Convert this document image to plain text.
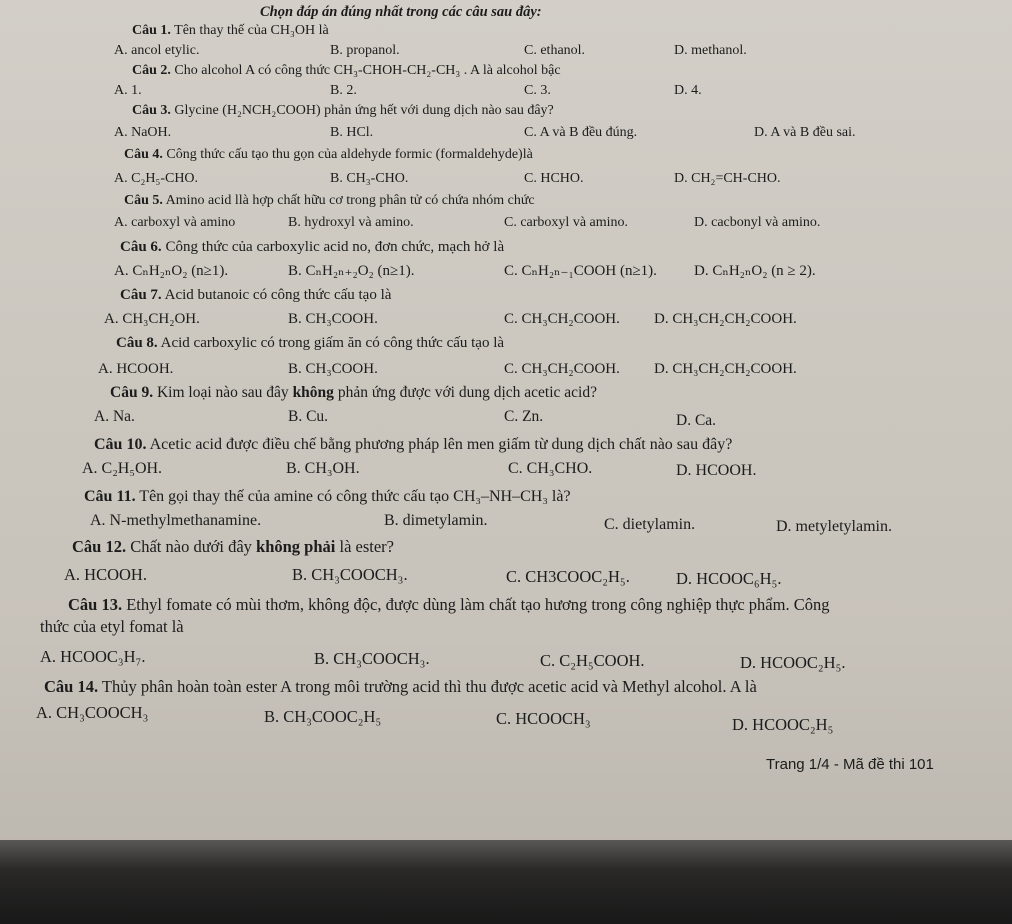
Chọn đáp án đúng nhất trong các câu sau đây:
Câu 1. Tên thay thế của CH₃OH là
A. ancol etylic.	B. propanol.	C. ethanol.	D. methanol.
Câu 2. Cho alcohol A có công thức CH₃-CHOH-CH₂-CH₃ . A là alcohol bậc
A. 1.	B. 2.	C. 3.	D. 4.
Câu 3. Glycine (H₂NCH₂COOH) phản ứng hết với dung dịch nào sau đây?
A. NaOH.	B. HCl.	C. A và B đều đúng.	D. A và B đều sai.
Câu 4. Công thức cấu tạo thu gọn của aldehyde formic (formaldehyde)là
A. C₂H₅-CHO.	B. CH₃-CHO.	C. HCHO.	D. CH₂=CH-CHO.
Câu 5. Amino acid llà hợp chất hữu cơ trong phân tử có chứa nhóm chức
A. carboxyl và amino	B. hydroxyl và amino.	C. carboxyl và amino.	D. cacbonyl và amino.
Câu 6. Công thức của carboxylic acid no, đơn chức, mạch hở là
A. CₙH₂ₙO₂ (n≥1).	B. CₙH₂ₙ₊₂O₂ (n≥1).	C. CₙH₂ₙ₋₁COOH (n≥1). D. CₙH₂ₙO₂ (n ≥ 2).
Câu 7. Acid butanoic có công thức cấu tạo là
A. CH₃CH₂OH.	B. CH₃COOH.	C. CH₃CH₂COOH. D. CH₃CH₂CH₂COOH.
Câu 8. Acid carboxylic có trong giấm ăn có công thức cấu tạo là
A. HCOOH.	B. CH₃COOH.	C. CH₃CH₂COOH. D. CH₃CH₂CH₂COOH.
Câu 9. Kim loại nào sau đây không phản ứng được với dung dịch acetic acid?
A. Na.	B. Cu.	C. Zn.	D. Ca.
Câu 10. Acetic acid được điều chế bằng phương pháp lên men giấm từ dung dịch chất nào sau đây?
A. C₂H₅OH.	B. CH₃OH.	C. CH₃CHO.	D. HCOOH.
Câu 11. Tên gọi thay thế của amine có công thức cấu tạo CH₃–NH–CH₃ là?
A. N-methylmethanamine.	B. dimetylamin.	C. dietylamin.	D. metyletylamin.
Câu 12. Chất nào dưới đây không phải là ester?
A. HCOOH.	B. CH₃COOCH₃.	C. CH3COOC₂H₅.	D. HCOOC₆H₅.
Câu 13. Ethyl fomate có mùi thơm, không độc, được dùng làm chất tạo hương trong công nghiệp thực phẩm. Công
thức của etyl fomat là
A. HCOOC₃H₇.	B. CH₃COOCH₃.	C. C₂H₅COOH.	D. HCOOC₂H₅.
Câu 14. Thủy phân hoàn toàn ester A trong môi trường acid thì thu được acetic acid và Methyl alcohol. A là
A. CH₃COOCH₃	B. CH₃COOC₂H₅	C. HCOOCH₃	D. HCOOC₂H₅
Trang 1/4 - Mã đề thi 101
